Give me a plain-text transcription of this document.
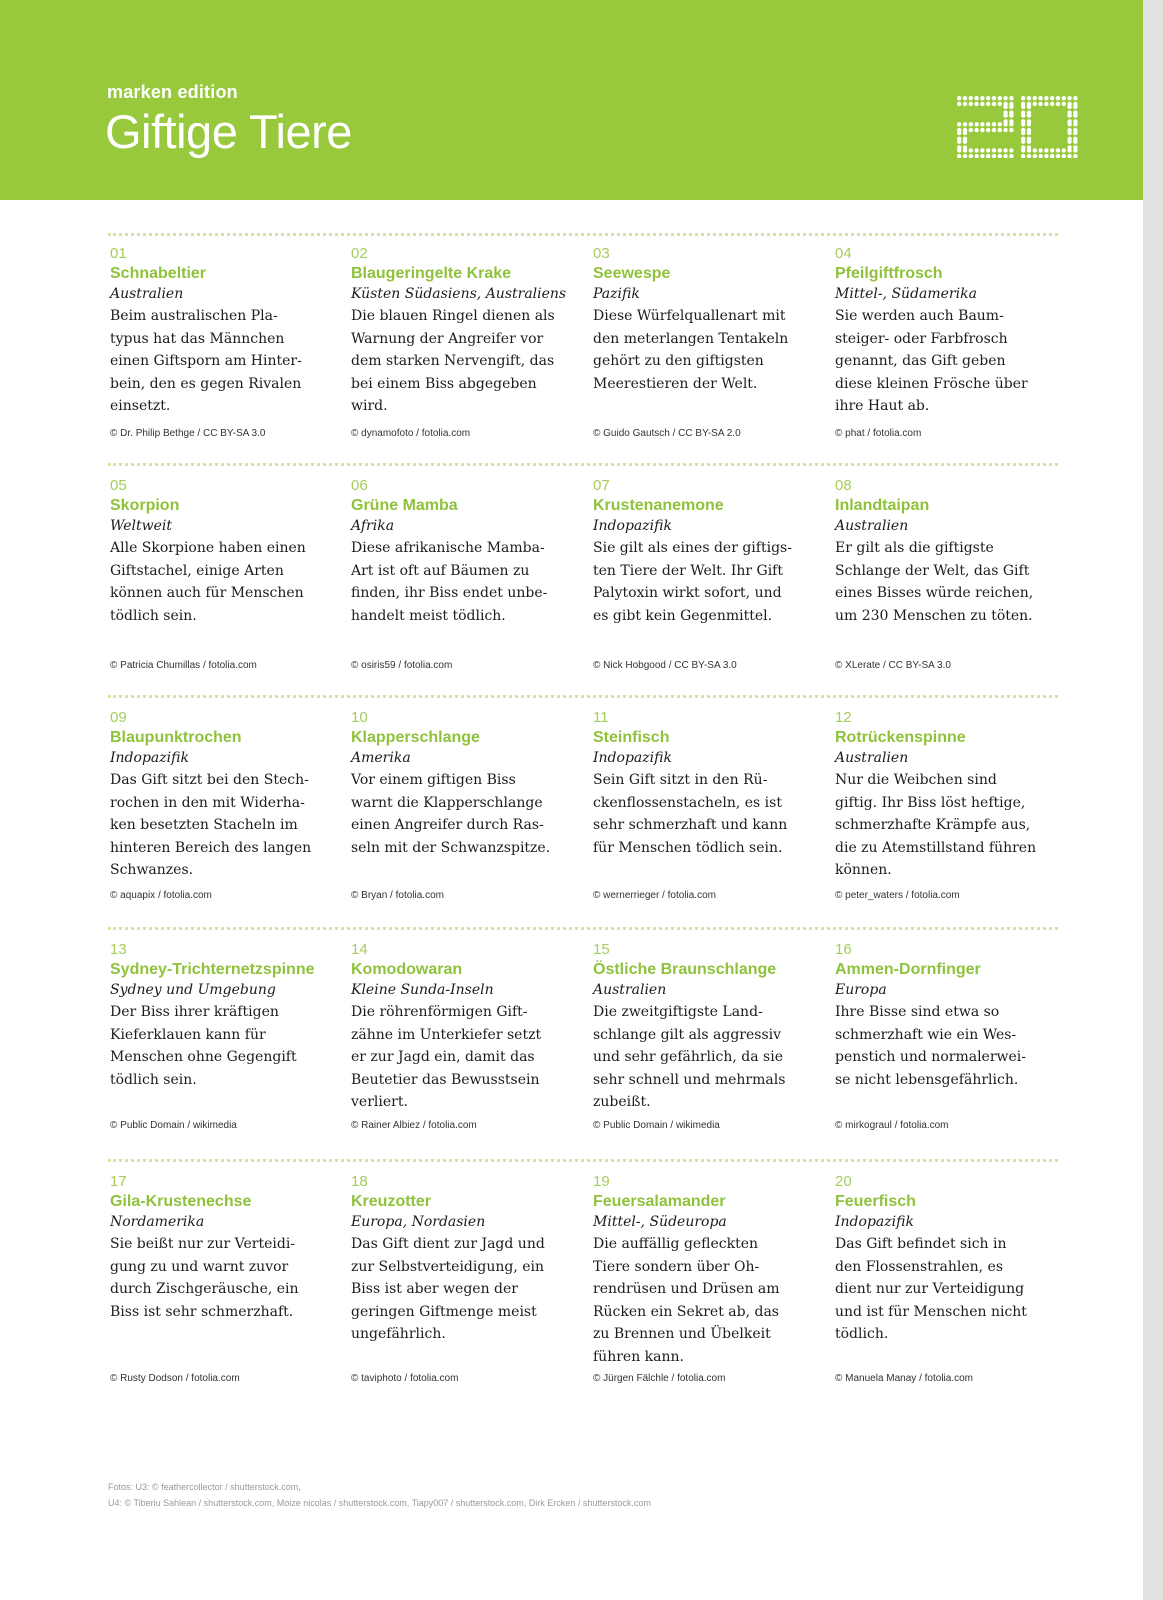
marken edition
Giftige Tiere
01
Schnabeltier
Australien
Beim australischen Pla-
typus hat das Männchen
einen Giftsporn am Hinter-
bein, den es gegen Rivalen
einsetzt.
© Dr. Philip Bethge / CC BY-SA 3.0
02
Blaugeringelte Krake
Küsten Südasiens, Australiens
Die blauen Ringel dienen als
Warnung der Angreifer vor
dem starken Nervengift, das
bei einem Biss abgegeben
wird.
© dynamofoto / fotolia.com
03
Seewespe
Pazifik
Diese Würfelquallenart mit
den meterlangen Tentakeln
gehört zu den giftigsten
Meerestieren der Welt.
© Guido Gautsch / CC BY-SA 2.0
04
Pfeilgiftfrosch
Mittel-, Südamerika
Sie werden auch Baum-
steiger- oder Farbfrosch
genannt, das Gift geben
diese kleinen Frösche über
ihre Haut ab.
© phat / fotolia.com
05
Skorpion
Weltweit
Alle Skorpione haben einen
Giftstachel, einige Arten
können auch für Menschen
tödlich sein.
© Patricia Chumillas / fotolia.com
06
Grüne Mamba
Afrika
Diese afrikanische Mamba-
Art ist oft auf Bäumen zu
finden, ihr Biss endet unbe-
handelt meist tödlich.
© osiris59 / fotolia.com
07
Krustenanemone
Indopazifik
Sie gilt als eines der giftigs-
ten Tiere der Welt. Ihr Gift
Palytoxin wirkt sofort, und
es gibt kein Gegenmittel.
© Nick Hobgood / CC BY-SA 3.0
08
Inlandtaipan
Australien
Er gilt als die giftigste
Schlange der Welt, das Gift
eines Bisses würde reichen,
um 230 Menschen zu töten.
© XLerate / CC BY-SA 3.0
09
Blaupunktrochen
Indopazifik
Das Gift sitzt bei den Stech-
rochen in den mit Widerha-
ken besetzten Stacheln im
hinteren Bereich des langen
Schwanzes.
© aquapix / fotolia.com
10
Klapperschlange
Amerika
Vor einem giftigen Biss
warnt die Klapperschlange
einen Angreifer durch Ras-
seln mit der Schwanzspitze.
© Bryan / fotolia.com
11
Steinfisch
Indopazifik
Sein Gift sitzt in den Rü-
ckenflossenstacheln, es ist
sehr schmerzhaft und kann
für Menschen tödlich sein.
© wernerrieger / fotolia.com
12
Rotrückenspinne
Australien
Nur die Weibchen sind
giftig. Ihr Biss löst heftige,
schmerzhafte Krämpfe aus,
die zu Atemstillstand führen
können.
© peter_waters / fotolia.com
13
Sydney-Trichternetzspinne
Sydney und Umgebung
Der Biss ihrer kräftigen
Kieferklauen kann für
Menschen ohne Gegengift
tödlich sein.
© Public Domain / wikimedia
14
Komodowaran
Kleine Sunda-Inseln
Die röhrenförmigen Gift-
zähne im Unterkiefer setzt
er zur Jagd ein, damit das
Beutetier das Bewusstsein
verliert.
© Rainer Albiez / fotolia.com
15
Östliche Braunschlange
Australien
Die zweitgiftigste Land-
schlange gilt als aggressiv
und sehr gefährlich, da sie
sehr schnell und mehrmals
zubeißt.
© Public Domain / wikimedia
16
Ammen-Dornfinger
Europa
Ihre Bisse sind etwa so
schmerzhaft wie ein Wes-
penstich und normalerwei-
se nicht lebensgefährlich.
© mirkograul / fotolia.com
17
Gila-Krustenechse
Nordamerika
Sie beißt nur zur Verteidi-
gung zu und warnt zuvor
durch Zischgeräusche, ein
Biss ist sehr schmerzhaft.
© Rusty Dodson / fotolia.com
18
Kreuzotter
Europa, Nordasien
Das Gift dient zur Jagd und
zur Selbstverteidigung, ein
Biss ist aber wegen der
geringen Giftmenge meist
ungefährlich.
© taviphoto / fotolia.com
19
Feuersalamander
Mittel-, Südeuropa
Die auffällig gefleckten
Tiere sondern über Oh-
rendrüsen und Drüsen am
Rücken ein Sekret ab, das
zu Brennen und Übelkeit
führen kann.
© Jürgen Fälchle / fotolia.com
20
Feuerfisch
Indopazifik
Das Gift befindet sich in
den Flossenstrahlen, es
dient nur zur Verteidigung
und ist für Menschen nicht
tödlich.
© Manuela Manay / fotolia.com
Fotos: U3: © feathercollector / shutterstock.com,
U4: © Tiberiu Sahlean / shutterstock.com, Moize nicolas / shutterstock.com, Tiapy007 / shutterstock.com, Dirk Ercken / shutterstock.com
